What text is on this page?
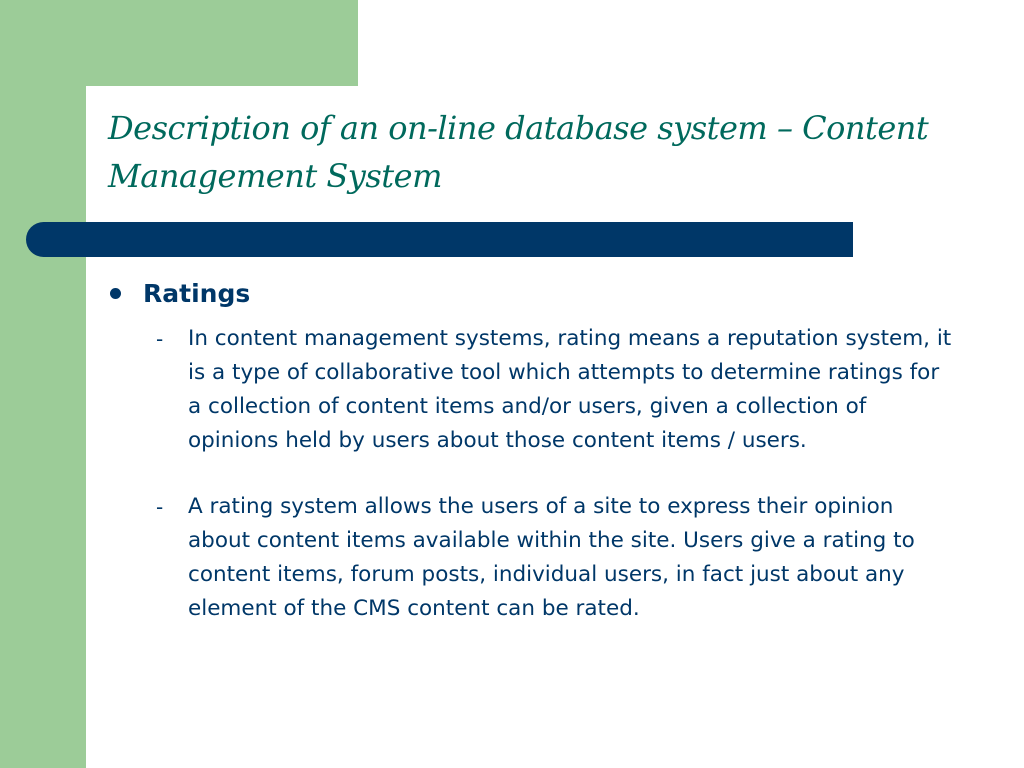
Description of an on-line database system – Content
Management System
Ratings
-	In content management systems, rating means a reputation system, it is a type of collaborative tool which attempts to determine ratings for a collection of content items and/or users, given a collection of opinions held by users about those content items / users.
-	A rating system allows the users of a site to express their opinion about content items available within the site. Users give a rating to content items, forum posts, individual users, in fact just about any element of the CMS content can be rated.
